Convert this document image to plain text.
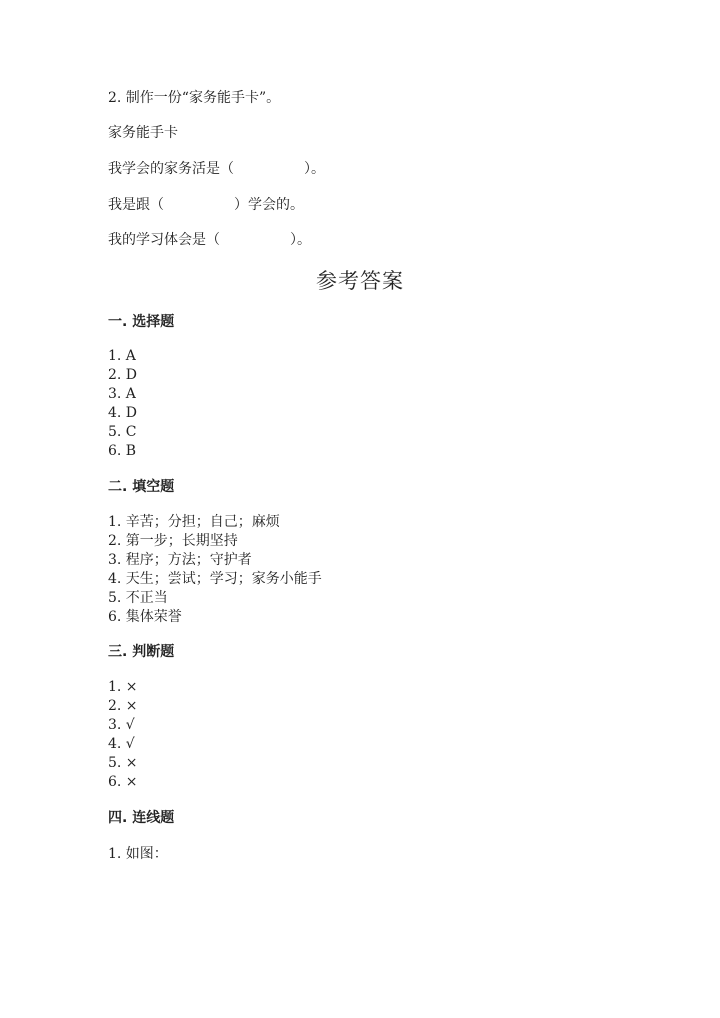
2. 制作一份“家务能手卡”。
家务能手卡
我学会的家务活是（　　　　　）。
我是跟（　　　　　）学会的。
我的学习体会是（　　　　　）。
参考答案
一. 选择题
1. A
2. D
3. A
4. D
5. C
6. B
二. 填空题
1. 辛苦；分担；自己；麻烦
2. 第一步；长期坚持
3. 程序；方法；守护者
4. 天生；尝试；学习；家务小能手
5. 不正当
6. 集体荣誉
三. 判断题
1. ×
2. ×
3. √
4. √
5. ×
6. ×
四. 连线题
1. 如图：
